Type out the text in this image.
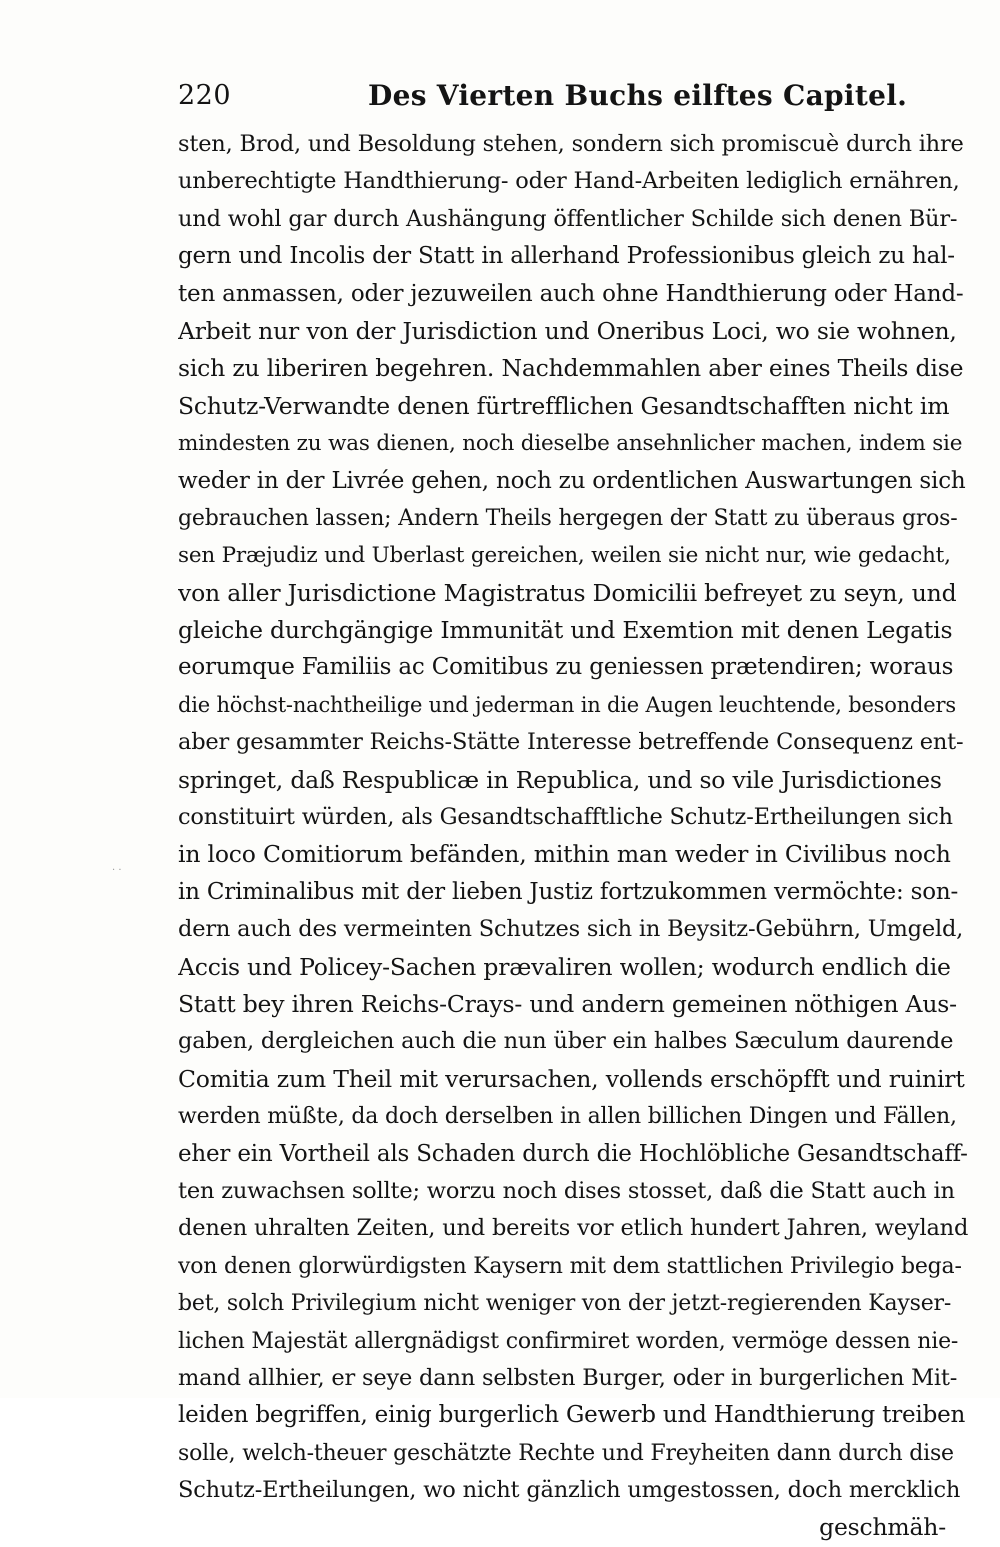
220	Des Vierten Buchs eilftes Capitel.
sten, Brod, und Besoldung stehen, sondern sich promiscuè durch ihre
unberechtigte Handthierung- oder Hand-Arbeiten lediglich ernähren,
und wohl gar durch Aushängung öffentlicher Schilde sich denen Bür-
gern und Incolis der Statt in allerhand Professionibus gleich zu hal-
ten anmassen, oder jezuweilen auch ohne Handthierung oder Hand-
Arbeit nur von der Jurisdiction und Oneribus Loci, wo sie wohnen,
sich zu liberiren begehren. Nachdemmahlen aber eines Theils dise
Schutz-Verwandte denen fürtrefflichen Gesandtschafften nicht im
mindesten zu was dienen, noch dieselbe ansehnlicher machen, indem sie
weder in der Livrée gehen, noch zu ordentlichen Auswartungen sich
gebrauchen lassen; Andern Theils hergegen der Statt zu überaus gros-
sen Præjudiz und Uberlast gereichen, weilen sie nicht nur, wie gedacht,
von aller Jurisdictione Magistratus Domicilii befreyet zu seyn, und
gleiche durchgängige Immunität und Exemtion mit denen Legatis
eorumque Familiis ac Comitibus zu geniessen prætendiren; woraus
die höchst-nachtheilige und jederman in die Augen leuchtende, besonders
aber gesammter Reichs-Stätte Interesse betreffende Consequenz ent-
springet, daß Respublicæ in Republica, und so vile Jurisdictiones
constituirt würden, als Gesandtschafftliche Schutz-Ertheilungen sich
in loco Comitiorum befänden, mithin man weder in Civilibus noch
in Criminalibus mit der lieben Justiz fortzukommen vermöchte: son-
dern auch des vermeinten Schutzes sich in Beysitz-Gebührn, Umgeld,
Accis und Policey-Sachen prævaliren wollen; wodurch endlich die
Statt bey ihren Reichs-Crays- und andern gemeinen nöthigen Aus-
gaben, dergleichen auch die nun über ein halbes Sæculum daurende
Comitia zum Theil mit verursachen, vollends erschöpfft und ruinirt
werden müßte, da doch derselben in allen billichen Dingen und Fällen,
eher ein Vortheil als Schaden durch die Hochlöbliche Gesandtschaff-
ten zuwachsen sollte; worzu noch dises stosset, daß die Statt auch in
denen uhralten Zeiten, und bereits vor etlich hundert Jahren, weyland
von denen glorwürdigsten Kaysern mit dem stattlichen Privilegio bega-
bet, solch Privilegium nicht weniger von der jetzt-regierenden Kayser-
lichen Majestät allergnädigst confirmiret worden, vermöge dessen nie-
mand allhier, er seye dann selbsten Burger, oder in burgerlichen Mit-
leiden begriffen, einig burgerlich Gewerb und Handthierung treiben
solle, welch-theuer geschätzte Rechte und Freyheiten dann durch dise
Schutz-Ertheilungen, wo nicht gänzlich umgestossen, doch mercklich
geschmäh-
· ·
